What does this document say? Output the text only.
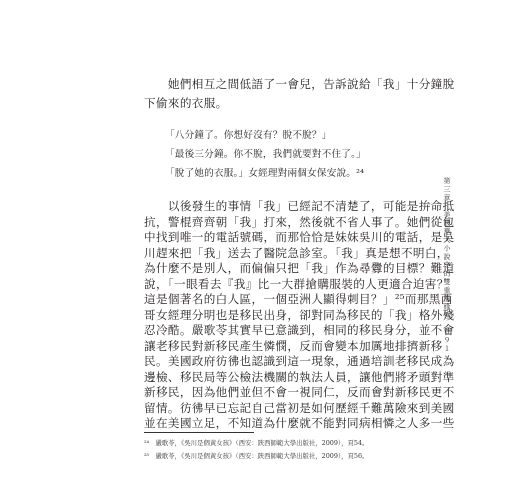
　　她們相互之間低語了一會兒，告訴說給「我」十分鐘脫
下偷來的衣服。
「八分鐘了。你想好沒有？脫不脫？」
「最後三分鐘。你不脫，我們就要對不住了。」
「脫了她的衣服。」女經理對兩個女保安說。²⁴
　　以後發生的事情「我」已經記不清楚了，可能是拚命抵
抗，警棍齊齊朝「我」打來，然後就不省人事了。她們從包
中找到唯一的電話號碼，而那恰恰是妹妹吳川的電話，是吳
川趕來把「我」送去了醫院急診室。「我」真是想不明白，
為什麼不是別人，而偏偏只把「我」作為尋釁的目標？難道
說，「一眼看去『我』比一大群搶購服裝的人更適合迫害？
這是個著名的白人區，一個亞洲人顯得刺目？」²⁵而那黑西
哥女經理分明也是移民出身，卻對同為移民的「我」格外殘
忍冷酷。嚴歌苓其實早已意識到，相同的移民身分，並不會
讓老移民對新移民產生憐憫，反而會變本加厲地排擠新移
民。美國政府彷彿也認識到這一現象，通過培訓老移民成為
邊檢、移民局等公檢法機關的執法人員，讓他們將矛頭對準
新移民，因為他們並但不會一視同仁，反而會對新移民更不
留情。彷彿早已忘記自己當初是如何歷經千難萬險來到美國
並在美國立足，不知道為什麼就不能對同病相憐之人多一些
²⁴　嚴歌苓，《吳川是個黃女孩》（西安：陝西師範大學出版社，2009），頁54。
²⁵　嚴歌苓，《吳川是個黃女孩》（西安：陝西師範大學出版社，2009），頁56。
第三章　美國華人小說中的雙重邊緣性　０９１
